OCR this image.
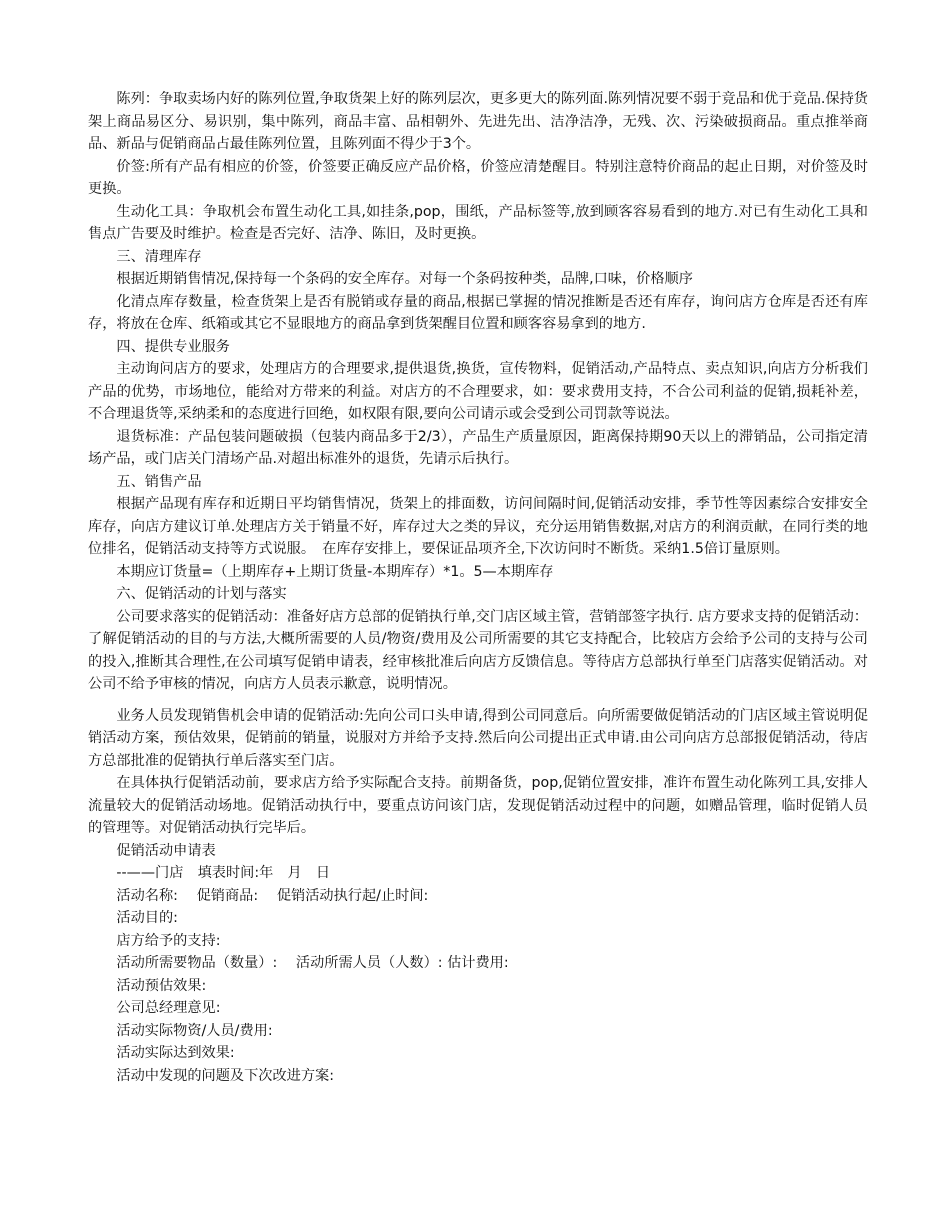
陈列：争取卖场内好的陈列位置,争取货架上好的陈列层次，更多更大的陈列面.陈列情况要不弱于竞品和优于竞品.保持货架上商品易区分、易识别，集中陈列，商品丰富、品相朝外、先进先出、洁净洁净，无残、次、污染破损商品。重点推举商品、新品与促销商品占最佳陈列位置，且陈列面不得少于3个。

价签:所有产品有相应的价签，价签要正确反应产品价格，价签应清楚醒目。特别注意特价商品的起止日期，对价签及时更换。

生动化工具：争取机会布置生动化工具,如挂条,pop，围纸，产品标签等,放到顾客容易看到的地方.对已有生动化工具和售点广告要及时维护。检查是否完好、洁净、陈旧，及时更换。

三、清理库存

根据近期销售情况,保持每一个条码的安全库存。对每一个条码按种类，品牌,口味，价格顺序

化清点库存数量，检查货架上是否有脱销或存量的商品,根据已掌握的情况推断是否还有库存，询问店方仓库是否还有库存，将放在仓库、纸箱或其它不显眼地方的商品拿到货架醒目位置和顾客容易拿到的地方.

四、提供专业服务

主动询问店方的要求，处理店方的合理要求,提供退货,换货，宣传物料，促销活动,产品特点、卖点知识,向店方分析我们产品的优势，市场地位，能给对方带来的利益。对店方的不合理要求，如：要求费用支持，不合公司利益的促销,损耗补差，不合理退货等,采纳柔和的态度进行回绝，如权限有限,要向公司请示或会受到公司罚款等说法。

退货标准：产品包装问题破损（包装内商品多于2/3），产品生产质量原因，距离保持期90天以上的滞销品，公司指定清场产品，或门店关门清场产品.对超出标准外的退货，先请示后执行。

五、销售产品

根据产品现有库存和近期日平均销售情况，货架上的排面数，访问间隔时间,促销活动安排，季节性等因素综合安排安全库存，向店方建议订单.处理店方关于销量不好，库存过大之类的异议，充分运用销售数据,对店方的利润贡献，在同行类的地位排名，促销活动支持等方式说服。　在库存安排上，要保证品项齐全,下次访问时不断货。采纳1.5倍订量原则。

本期应订货量=（上期库存+上期订货量-本期库存）*1。5—本期库存

六、促销活动的计划与落实

公司要求落实的促销活动：准备好店方总部的促销执行单,交门店区域主管，营销部签字执行. 店方要求支持的促销活动：了解促销活动的目的与方法,大概所需要的人员/物资/费用及公司所需要的其它支持配合，比较店方会给予公司的支持与公司的投入,推断其合理性,在公司填写促销申请表，经审核批准后向店方反馈信息。等待店方总部执行单至门店落实促销活动。对公司不给予审核的情况，向店方人员表示歉意，说明情况。

业务人员发现销售机会申请的促销活动:先向公司口头申请,得到公司同意后。向所需要做促销活动的门店区域主管说明促销活动方案，预估效果，促销前的销量，说服对方并给予支持.然后向公司提出正式申请.由公司向店方总部报促销活动，待店方总部批准的促销执行单后落实至门店。

在具体执行促销活动前，要求店方给予实际配合支持。前期备货，pop,促销位置安排，准许布置生动化陈列工具,安排人流量较大的促销活动场地。促销活动执行中，要重点访问该门店，发现促销活动过程中的问题，如赠品管理，临时促销人员的管理等。对促销活动执行完毕后。

促销活动申请表

--——门店　填表时间:年　月　日

活动名称:　 促销商品:　 促销活动执行起/止时间:

活动目的:

店方给予的支持:

活动所需要物品（数量）:　 活动所需人员（人数）: 估计费用:

活动预估效果:

公司总经理意见:

活动实际物资/人员/费用:

活动实际达到效果:

活动中发现的问题及下次改进方案:
